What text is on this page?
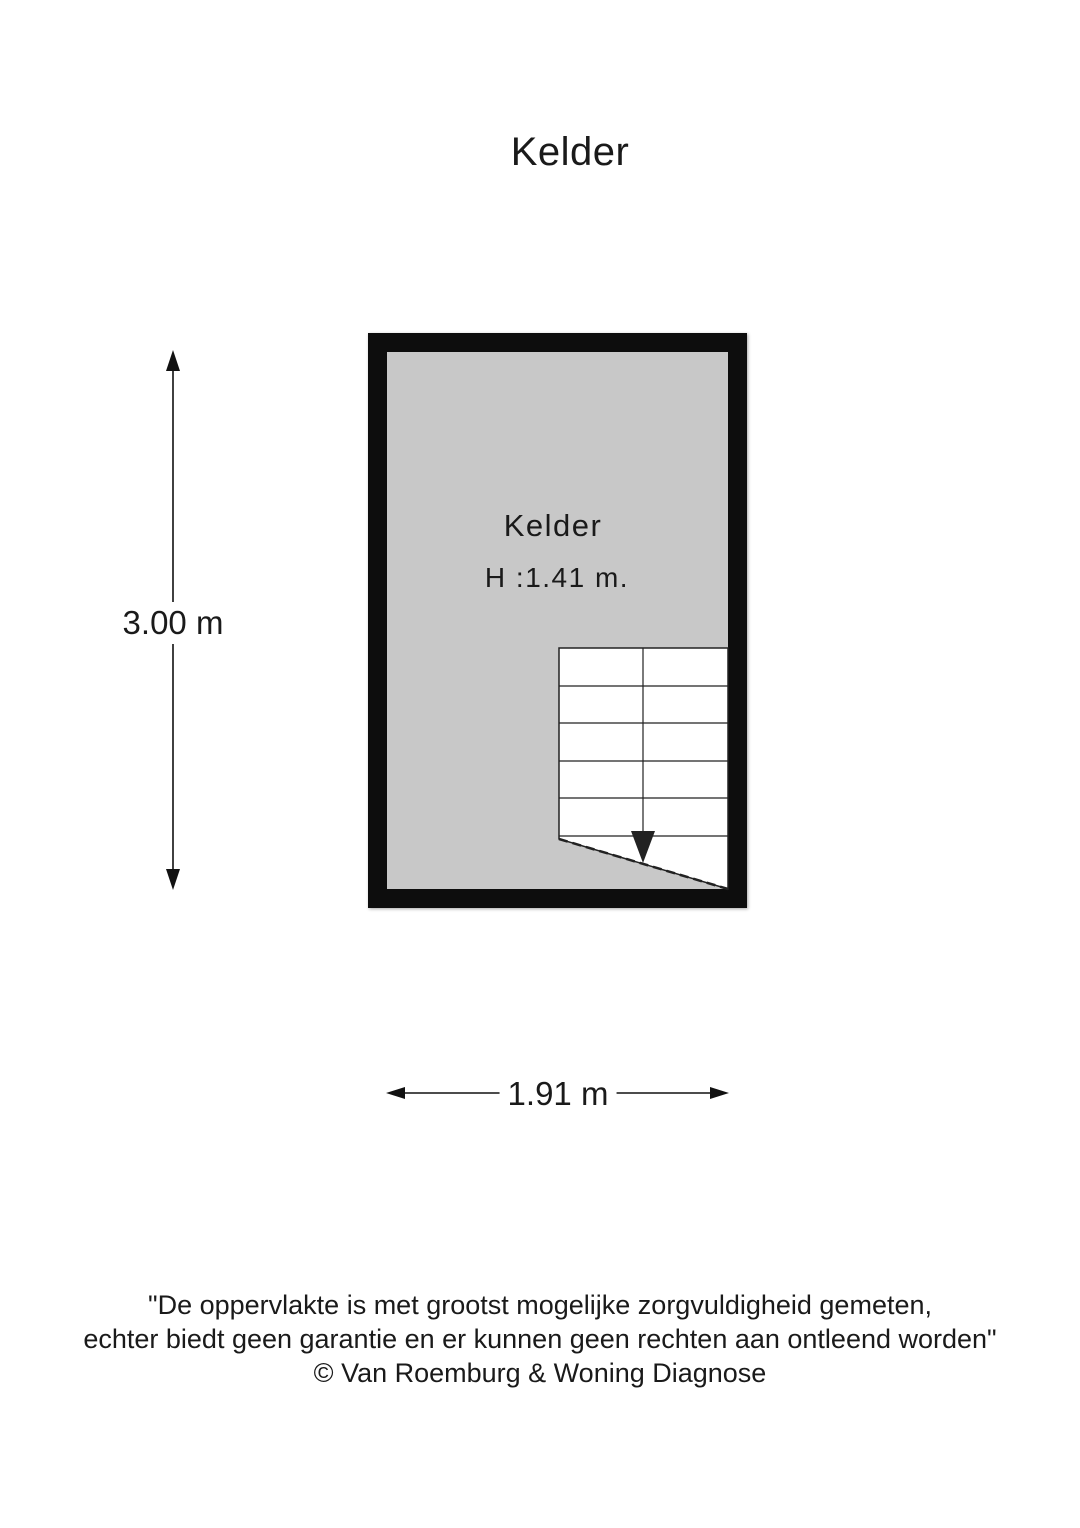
Kelder
Kelder
H :1.41 m.
3.00 m
1.91 m
"De oppervlakte is met grootst mogelijke zorgvuldigheid gemeten,
echter biedt geen garantie en er kunnen geen rechten aan ontleend worden"
© Van Roemburg & Woning Diagnose
